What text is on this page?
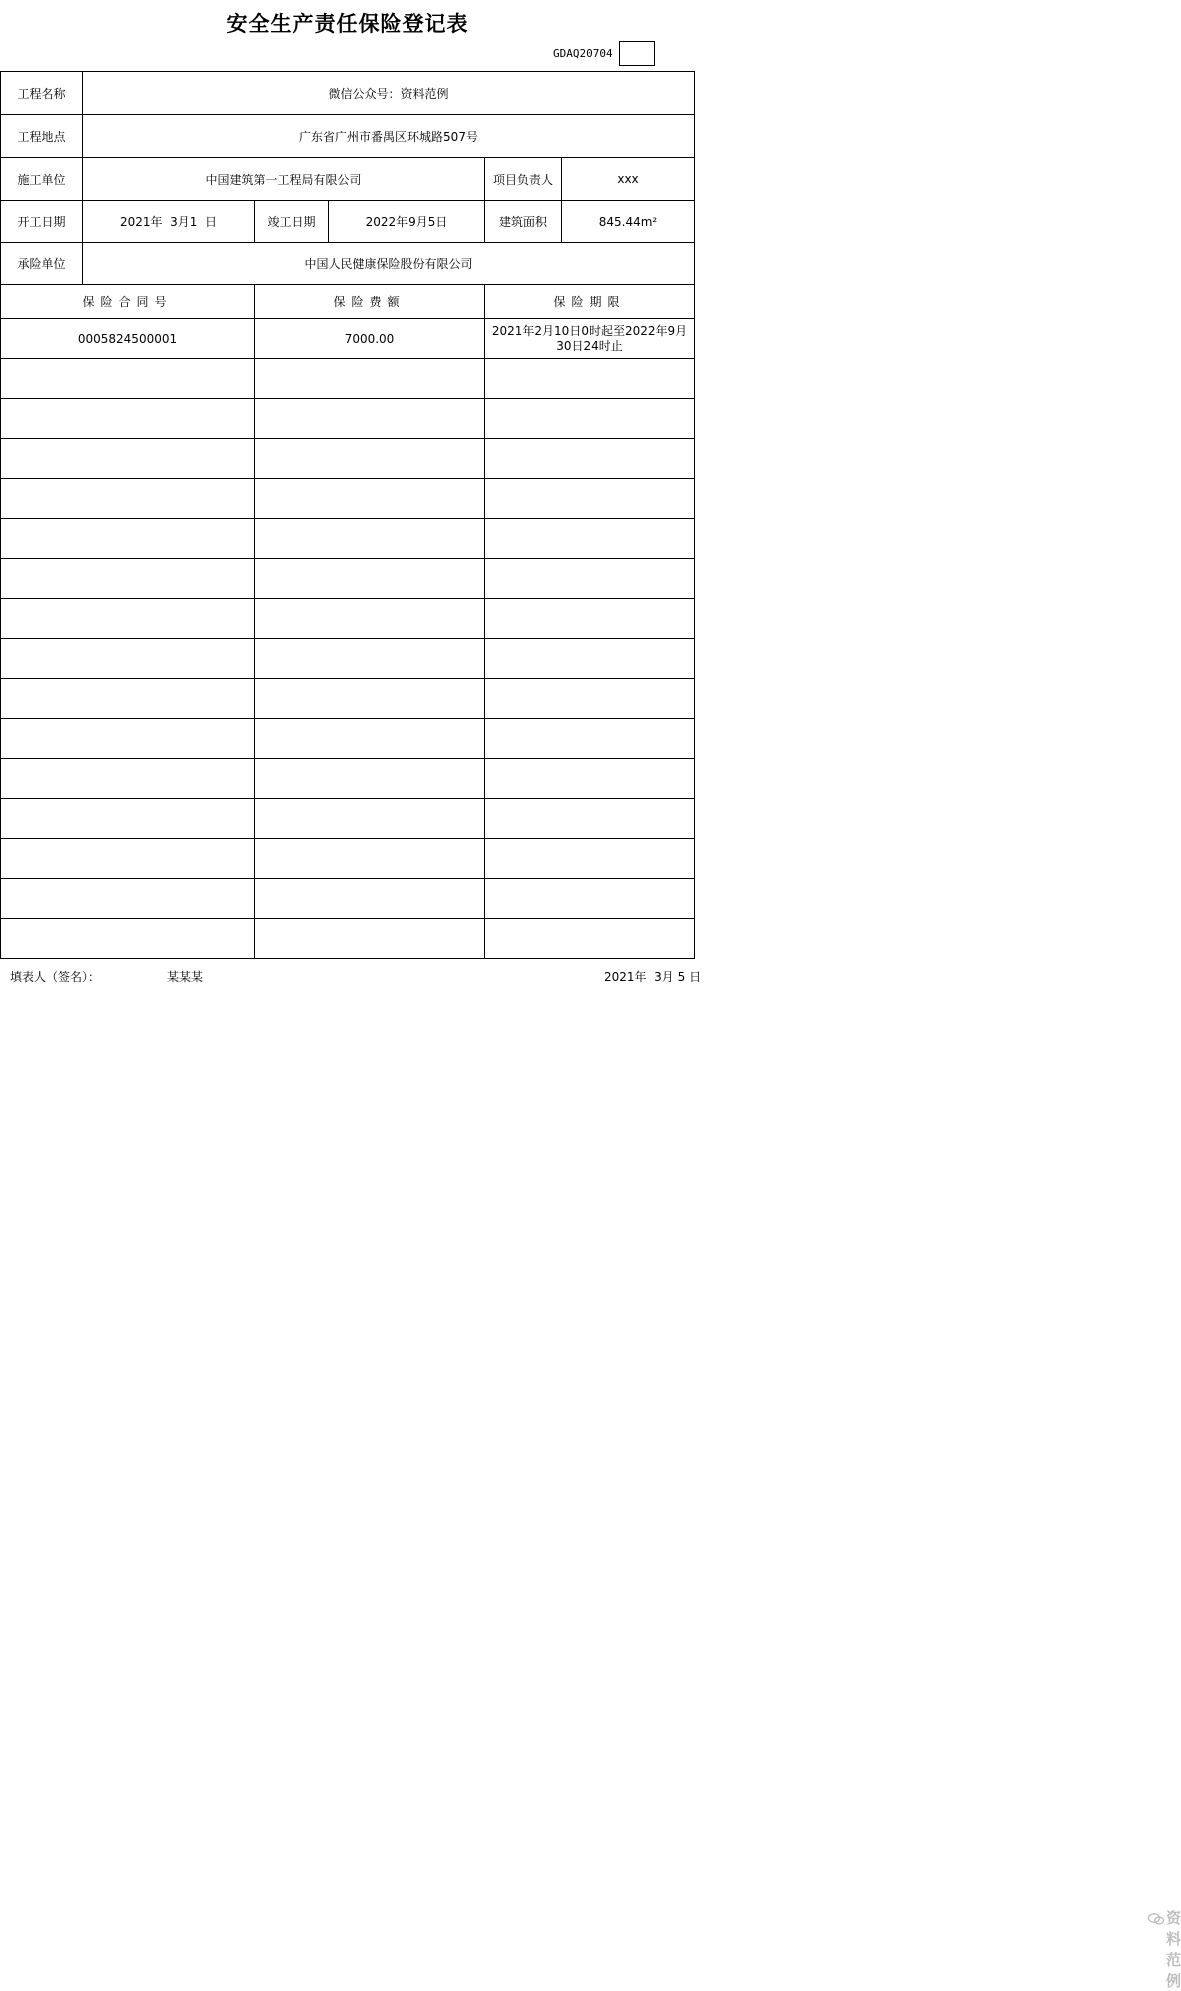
安全生产责任保险登记表
GDAQ20704
工程名称	微信公众号：资料范例				
工程地点	广东省广州市番禺区环城路507号				
施工单位	中国建筑第一工程局有限公司			项目负责人	xxx
开工日期	2021年  3月1  日	竣工日期	2022年9月5日	建筑面积	845.44m²
承险单位	中国人民健康保险股份有限公司				
保险合同号		保险费额		保险期限	
0005824500001		7000.00		2021年2月10日0时起至2022年9月30日24时止	

填表人（签名）：	某某某
资料范例
2021年  3月 5 日
